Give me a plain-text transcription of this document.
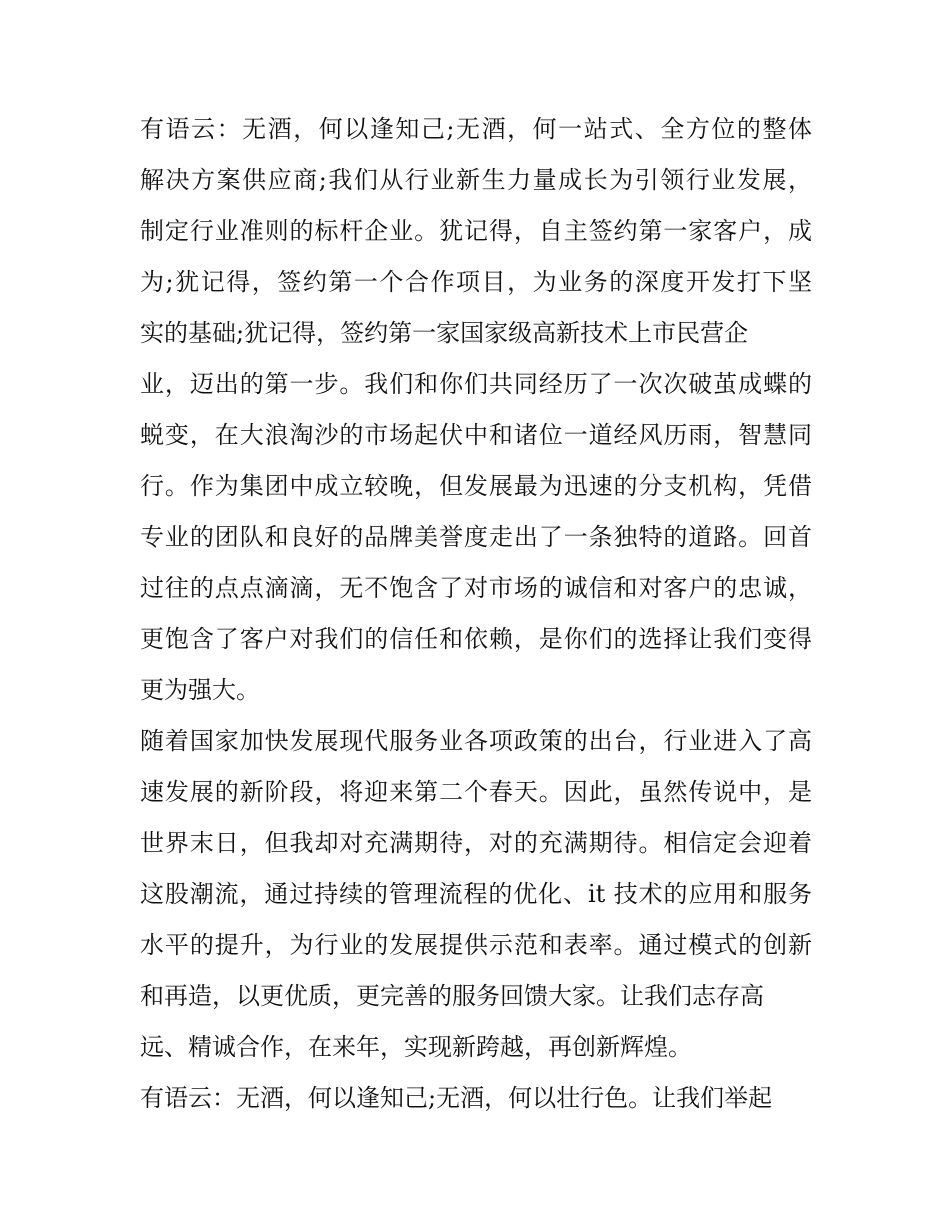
有语云：无酒，何以逢知己;无酒，何一站式、全方位的整体
解决方案供应商;我们从行业新生力量成长为引领行业发展，
制定行业准则的标杆企业。犹记得，自主签约第一家客户，成
为;犹记得，签约第一个合作项目，为业务的深度开发打下坚
实的基础;犹记得，签约第一家国家级高新技术上市民营企
业，迈出的第一步。我们和你们共同经历了一次次破茧成蝶的
蜕变，在大浪淘沙的市场起伏中和诸位一道经风历雨，智慧同
行。作为集团中成立较晚，但发展最为迅速的分支机构，凭借
专业的团队和良好的品牌美誉度走出了一条独特的道路。回首
过往的点点滴滴，无不饱含了对市场的诚信和对客户的忠诚，
更饱含了客户对我们的信任和依赖，是你们的选择让我们变得
更为强大。
随着国家加快发展现代服务业各项政策的出台，行业进入了高
速发展的新阶段，将迎来第二个春天。因此，虽然传说中，是
世界末日，但我却对充满期待，对的充满期待。相信定会迎着
这股潮流，通过持续的管理流程的优化、it 技术的应用和服务
水平的提升，为行业的发展提供示范和表率。通过模式的创新
和再造，以更优质，更完善的服务回馈大家。让我们志存高
远、精诚合作，在来年，实现新跨越，再创新辉煌。
有语云：无酒，何以逢知己;无酒，何以壮行色。让我们举起
